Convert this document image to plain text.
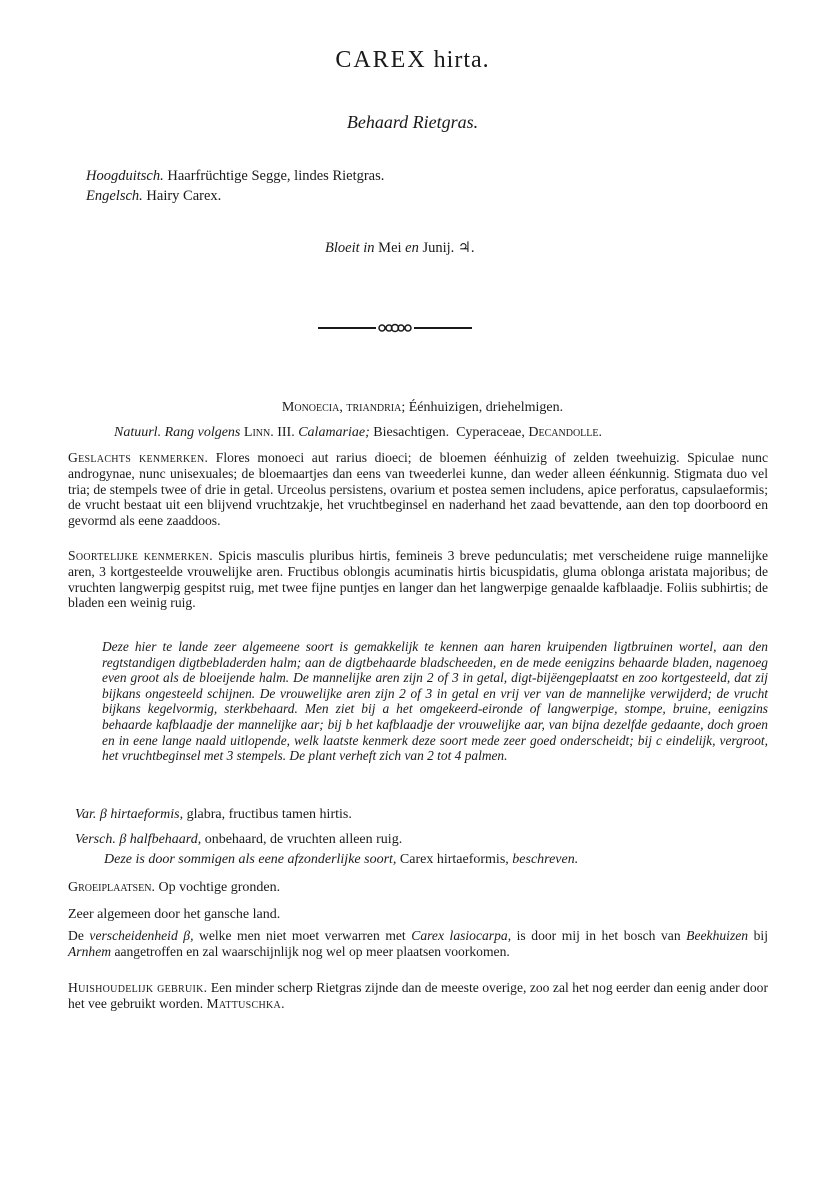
CAREX hirta.
Behaard Rietgras.
Hoogduitsch. Haarfrüchtige Segge, lindes Rietgras.
Engelsch. Hairy Carex.
Bloeit in Mei en Junij. ♃.
Monoecia, triandria; Éénhuizigen, driehelmigen.
Natuurl. Rang volgens Linn. III. Calamariae; Biesachtigen. Cyperaceae, Decandolle.
Geslachts kenmerken. Flores monoeci aut rarius dioeci; de bloemen éénhuizig of zelden tweehuizig. Spiculae nunc androgynae, nunc unisexuales; de bloemaartjes dan eens van tweederlei kunne, dan weder alleen éénkunnig. Stigmata duo vel tria; de stempels twee of drie in getal. Urceolus persistens, ovarium et postea semen includens, apice perforatus, capsulaeformis; de vrucht bestaat uit een blijvend vruchtzakje, het vruchtbeginsel en naderhand het zaad bevattende, aan den top doorboord en gevormd als eene zaaddoos.
Soortelijke kenmerken. Spicis masculis pluribus hirtis, femineis 3 breve pedunculatis; met verscheidene ruige mannelijke aren, 3 kortgesteelde vrouwelijke aren. Fructibus oblongis acuminatis hirtis bicuspidatis, gluma oblonga aristata majoribus; de vruchten langwerpig gespitst ruig, met twee fijne puntjes en langer dan het langwerpige genaalde kafblaadje. Foliis subhirtis; de bladen een weinig ruig.
Deze hier te lande zeer algemeene soort is gemakkelijk te kennen aan haren kruipenden ligtbruinen wortel, aan den regtstandigen digtbebladerden halm; aan de digtbehaarde bladscheeden, en de mede eenigzins behaarde bladen, nagenoeg even groot als de bloeijende halm. De mannelijke aren zijn 2 of 3 in getal, digt-bijëengeplaatst en zoo kortgesteeld, dat zij bijkans ongesteeld schijnen. De vrouwelijke aren zijn 2 of 3 in getal en vrij ver van de mannelijke verwijderd; de vrucht bijkans kegelvormig, sterkbehaard. Men ziet bij a het omgekeerd-eironde of langwerpige, stompe, bruine, eenigzins behaarde kafblaadje der mannelijke aar; bij b het kafblaadje der vrouwelijke aar, van bijna dezelfde gedaante, doch groen en in eene lange naald uitlopende, welk laatste kenmerk deze soort mede zeer goed onderscheidt; bij c eindelijk, vergroot, het vruchtbeginsel met 3 stempels. De plant verheft zich van 2 tot 4 palmen.
Var. β hirtaeformis, glabra, fructibus tamen hirtis.
Versch. β halfbehaard, onbehaard, de vruchten alleen ruig.
Deze is door sommigen als eene afzonderlijke soort, Carex hirtaeformis, beschreven.
Groeiplaatsen. Op vochtige gronden.
Zeer algemeen door het gansche land.
De verscheidenheid β, welke men niet moet verwarren met Carex lasiocarpa, is door mij in het bosch van Beekhuizen bij Arnhem aangetroffen en zal waarschijnlijk nog wel op meer plaatsen voorkomen.
Huishoudelijk gebruik. Een minder scherp Rietgras zijnde dan de meeste overige, zoo zal het nog eerder dan eenig ander door het vee gebruikt worden. Mattuschka.
